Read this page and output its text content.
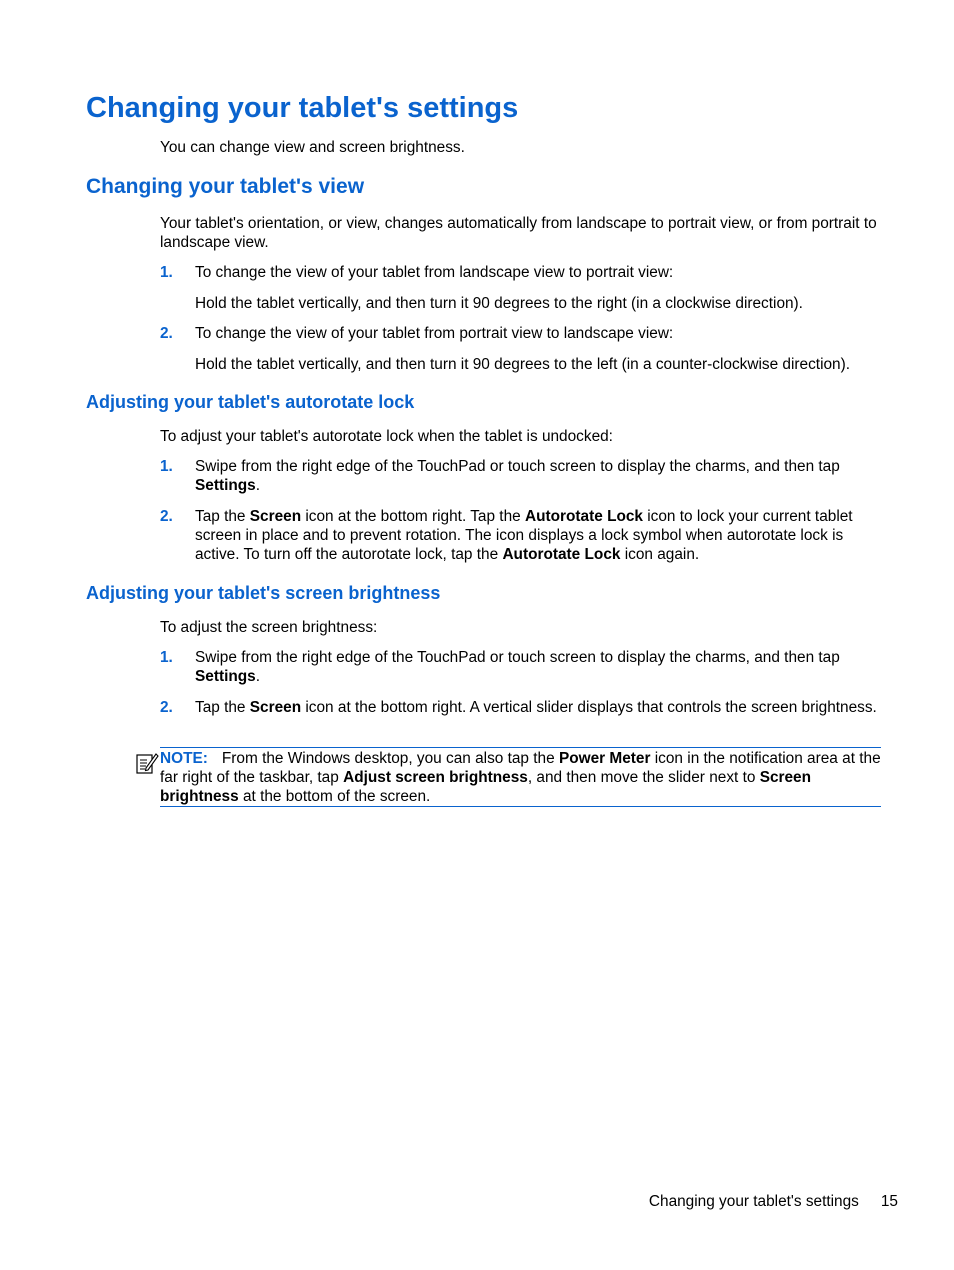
Changing your tablet's settings

You can change view and screen brightness.

Changing your tablet's view

Your tablet's orientation, or view, changes automatically from landscape to portrait view, or from portrait to landscape view.

1. To change the view of your tablet from landscape view to portrait view:

Hold the tablet vertically, and then turn it 90 degrees to the right (in a clockwise direction).

2. To change the view of your tablet from portrait view to landscape view:

Hold the tablet vertically, and then turn it 90 degrees to the left (in a counter-clockwise direction).

Adjusting your tablet's autorotate lock

To adjust your tablet's autorotate lock when the tablet is undocked:

1. Swipe from the right edge of the TouchPad or touch screen to display the charms, and then tap Settings.

2. Tap the Screen icon at the bottom right. Tap the Autorotate Lock icon to lock your current tablet screen in place and to prevent rotation. The icon displays a lock symbol when autorotate lock is active. To turn off the autorotate lock, tap the Autorotate Lock icon again.

Adjusting your tablet's screen brightness

To adjust the screen brightness:

1. Swipe from the right edge of the TouchPad or touch screen to display the charms, and then tap Settings.

2. Tap the Screen icon at the bottom right. A vertical slider displays that controls the screen brightness.

NOTE: From the Windows desktop, you can also tap the Power Meter icon in the notification area at the far right of the taskbar, tap Adjust screen brightness, and then move the slider next to Screen brightness at the bottom of the screen.

Changing your tablet's settings 15
